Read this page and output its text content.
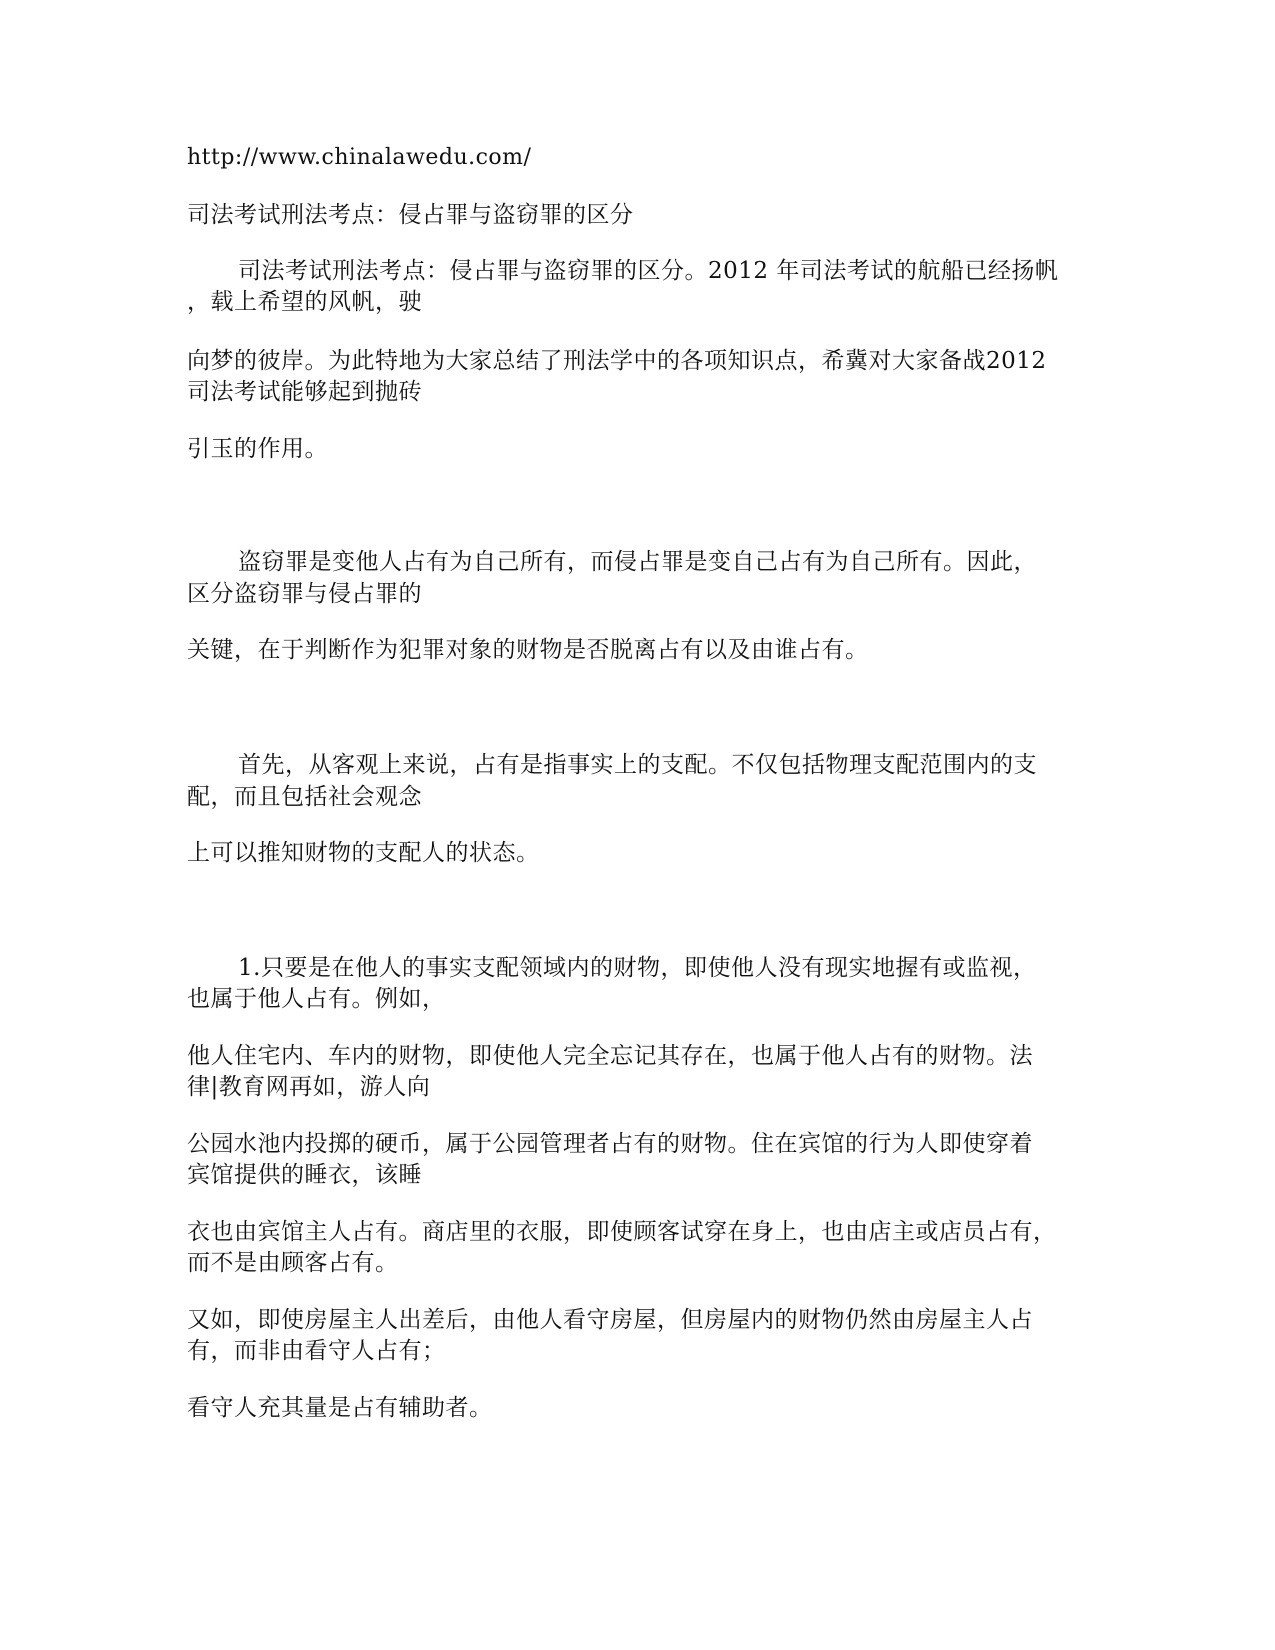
http://www.chinalawedu.com/
司法考试刑法考点：侵占罪与盗窃罪的区分
司法考试刑法考点：侵占罪与盗窃罪的区分。2012 年司法考试的航船已经扬帆
，载上希望的风帆，驶
向梦的彼岸。为此特地为大家总结了刑法学中的各项知识点，希冀对大家备战2012
司法考试能够起到抛砖
引玉的作用。
盗窃罪是变他人占有为自己所有，而侵占罪是变自己占有为自己所有。因此，
区分盗窃罪与侵占罪的
关键，在于判断作为犯罪对象的财物是否脱离占有以及由谁占有。
首先，从客观上来说，占有是指事实上的支配。不仅包括物理支配范围内的支
配，而且包括社会观念
上可以推知财物的支配人的状态。
1.只要是在他人的事实支配领域内的财物，即使他人没有现实地握有或监视，
也属于他人占有。例如，
他人住宅内、车内的财物，即使他人完全忘记其存在，也属于他人占有的财物。法
律|教育网再如，游人向
公园水池内投掷的硬币，属于公园管理者占有的财物。住在宾馆的行为人即使穿着
宾馆提供的睡衣，该睡
衣也由宾馆主人占有。商店里的衣服，即使顾客试穿在身上，也由店主或店员占有，
而不是由顾客占有。
又如，即使房屋主人出差后，由他人看守房屋，但房屋内的财物仍然由房屋主人占
有，而非由看守人占有；
看守人充其量是占有辅助者。
